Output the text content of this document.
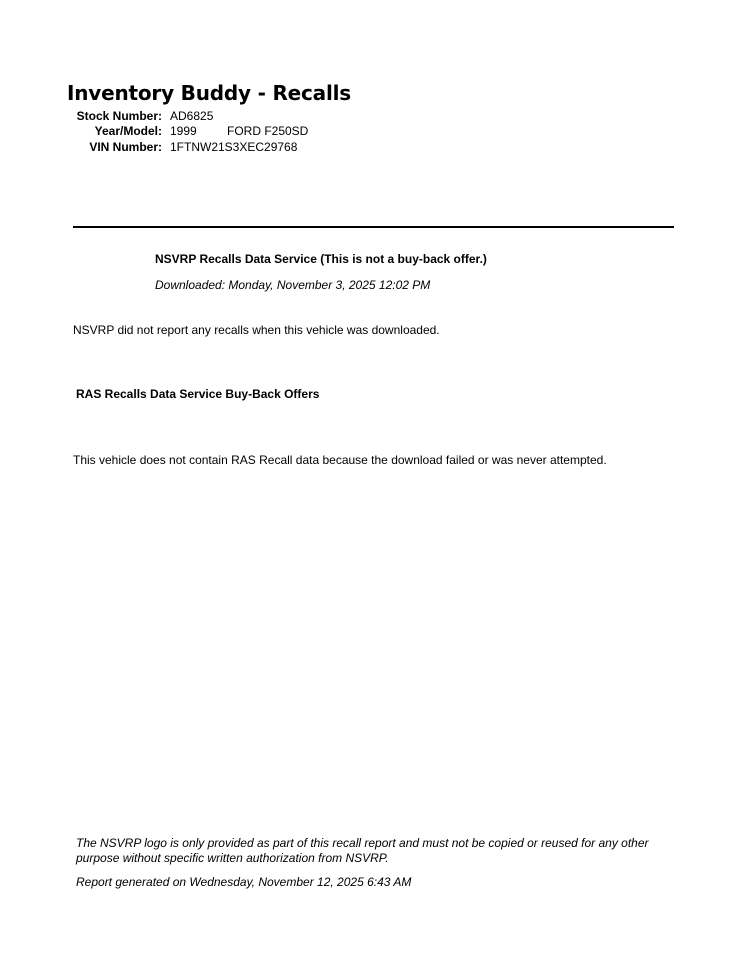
Inventory Buddy - Recalls
Stock Number: AD6825
Year/Model: 1999	FORD F250SD
VIN Number: 1FTNW21S3XEC29768
NSVRP Recalls Data Service (This is not a buy-back offer.)
Downloaded: Monday, November 3, 2025 12:02 PM
NSVRP did not report any recalls when this vehicle was downloaded.
RAS Recalls Data Service Buy-Back Offers
This vehicle does not contain RAS Recall data because the download failed or was never attempted.
The NSVRP logo is only provided as part of this recall report and must not be copied or reused for any other
purpose without specific written authorization from NSVRP.
Report generated on Wednesday, November 12, 2025 6:43 AM
